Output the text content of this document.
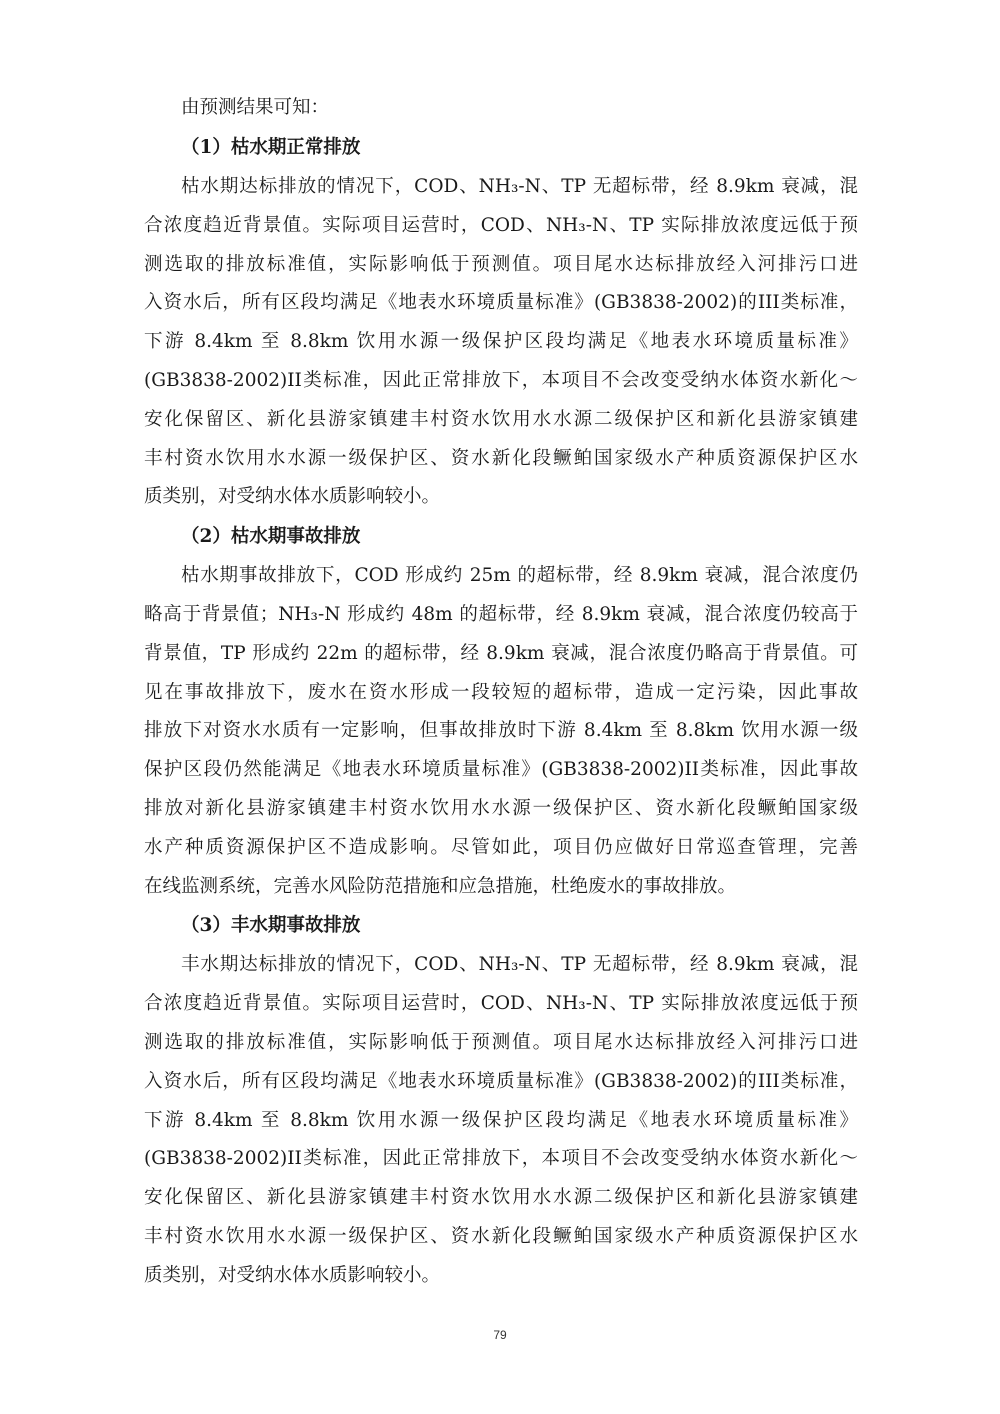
由预测结果可知：
（1）枯水期正常排放
枯水期达标排放的情况下，COD、NH₃-N、TP 无超标带，经 8.9km 衰减，混
合浓度趋近背景值。实际项目运营时，COD、NH₃-N、TP 实际排放浓度远低于预
测选取的排放标准值，实际影响低于预测值。项目尾水达标排放经入河排污口进
入资水后，所有区段均满足《地表水环境质量标准》(GB3838-2002)的III类标准，
下游 8.4km 至 8.8km 饮用水源一级保护区段均满足《地表水环境质量标准》
(GB3838-2002)II类标准，因此正常排放下，本项目不会改变受纳水体资水新化～
安化保留区、新化县游家镇建丰村资水饮用水水源二级保护区和新化县游家镇建
丰村资水饮用水水源一级保护区、资水新化段鳜鲌国家级水产种质资源保护区水
质类别，对受纳水体水质影响较小。
（2）枯水期事故排放
枯水期事故排放下，COD 形成约 25m 的超标带，经 8.9km 衰减，混合浓度仍
略高于背景值；NH₃-N 形成约 48m 的超标带，经 8.9km 衰减，混合浓度仍较高于
背景值，TP 形成约 22m 的超标带，经 8.9km 衰减，混合浓度仍略高于背景值。可
见在事故排放下，废水在资水形成一段较短的超标带，造成一定污染，因此事故
排放下对资水水质有一定影响，但事故排放时下游 8.4km 至 8.8km 饮用水源一级
保护区段仍然能满足《地表水环境质量标准》(GB3838-2002)II类标准，因此事故
排放对新化县游家镇建丰村资水饮用水水源一级保护区、资水新化段鳜鲌国家级
水产种质资源保护区不造成影响。尽管如此，项目仍应做好日常巡查管理，完善
在线监测系统，完善水风险防范措施和应急措施，杜绝废水的事故排放。
（3）丰水期事故排放
丰水期达标排放的情况下，COD、NH₃-N、TP 无超标带，经 8.9km 衰减，混
合浓度趋近背景值。实际项目运营时，COD、NH₃-N、TP 实际排放浓度远低于预
测选取的排放标准值，实际影响低于预测值。项目尾水达标排放经入河排污口进
入资水后，所有区段均满足《地表水环境质量标准》(GB3838-2002)的III类标准，
下游 8.4km 至 8.8km 饮用水源一级保护区段均满足《地表水环境质量标准》
(GB3838-2002)II类标准，因此正常排放下，本项目不会改变受纳水体资水新化～
安化保留区、新化县游家镇建丰村资水饮用水水源二级保护区和新化县游家镇建
丰村资水饮用水水源一级保护区、资水新化段鳜鲌国家级水产种质资源保护区水
质类别，对受纳水体水质影响较小。
79
